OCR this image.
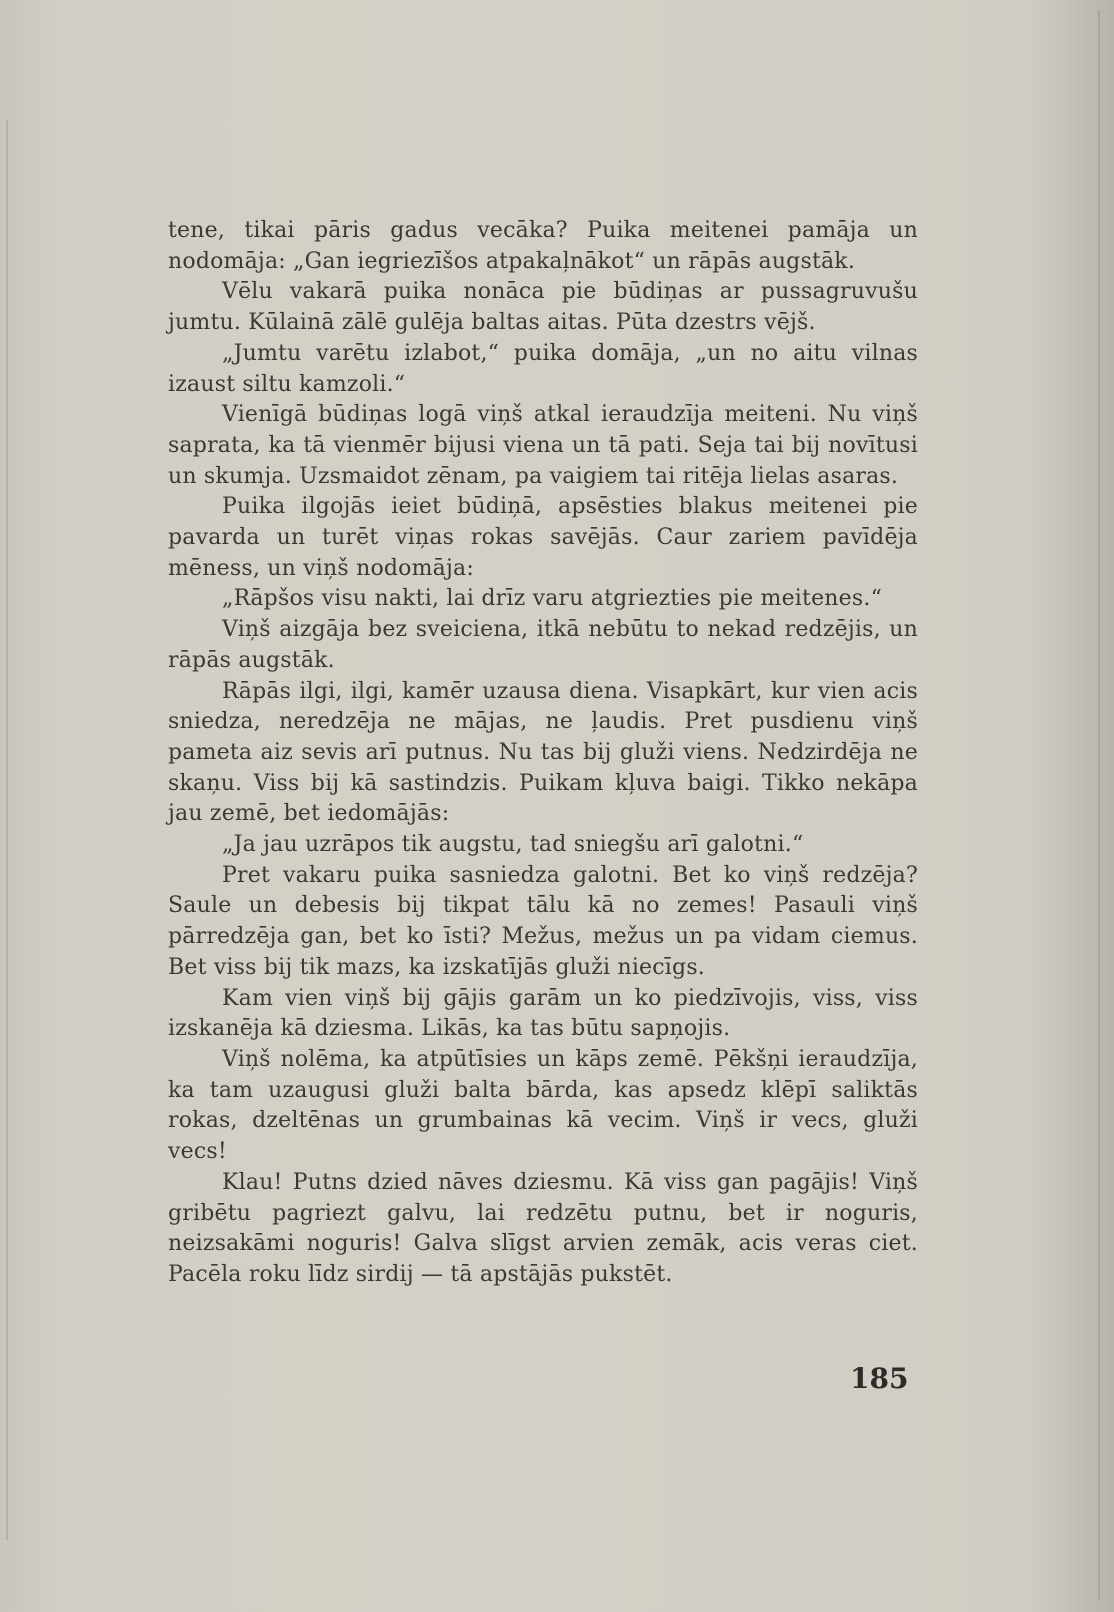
tene, tikai pāris gadus vecāka? Puika meitenei pamāja un nodomāja: „Gan iegriezīšos atpakaļnākot“ un rāpās augstāk.

Vēlu vakarā puika nonāca pie būdiņas ar pussagruvušu jumtu. Kūlainā zālē gulēja baltas aitas. Pūta dzestrs vējš.

„Jumtu varētu izlabot,“ puika domāja, „un no aitu vilnas izaust siltu kamzoli.“

Vienīgā būdiņas logā viņš atkal ieraudzīja meiteni. Nu viņš saprata, ka tā vienmēr bijusi viena un tā pati. Seja tai bij novītusi un skumja. Uzsmaidot zēnam, pa vaigiem tai ritēja lielas asaras.

Puika ilgojās ieiet būdiņā, apsēsties blakus meitenei pie pavarda un turēt viņas rokas savējās. Caur zariem pavīdēja mēness, un viņš nodomāja:

„Rāpšos visu nakti, lai drīz varu atgriezties pie meitenes.“

Viņš aizgāja bez sveiciena, itkā nebūtu to nekad redzējis, un rāpās augstāk.

Rāpās ilgi, ilgi, kamēr uzausa diena. Visapkārt, kur vien acis sniedza, neredzēja ne mājas, ne ļaudis. Pret pusdienu viņš pameta aiz sevis arī putnus. Nu tas bij gluži viens. Nedzirdēja ne skaņu. Viss bij kā sastindzis. Puikam kļuva baigi. Tikko nekāpa jau zemē, bet iedomājās:

„Ja jau uzrāpos tik augstu, tad sniegšu arī galotni.“

Pret vakaru puika sasniedza galotni. Bet ko viņš redzēja? Saule un debesis bij tikpat tālu kā no zemes! Pasauli viņš pārredzēja gan, bet ko īsti? Mežus, mežus un pa vidam ciemus. Bet viss bij tik mazs, ka izskatījās gluži niecīgs.

Kam vien viņš bij gājis garām un ko piedzīvojis, viss, viss izskanēja kā dziesma. Likās, ka tas būtu sapņojis.

Viņš nolēma, ka atpūtīsies un kāps zemē. Pēkšņi ieraudzīja, ka tam uzaugusi gluži balta bārda, kas apsedz klēpī saliktās rokas, dzeltēnas un grumbainas kā vecim. Viņš ir vecs, gluži vecs!

Klau! Putns dzied nāves dziesmu. Kā viss gan pagājis! Viņš gribētu pagriezt galvu, lai redzētu putnu, bet ir noguris, neizsakāmi noguris! Galva slīgst arvien zemāk, acis veras ciet. Pacēla roku līdz sirdij — tā apstājās pukstēt.

185
